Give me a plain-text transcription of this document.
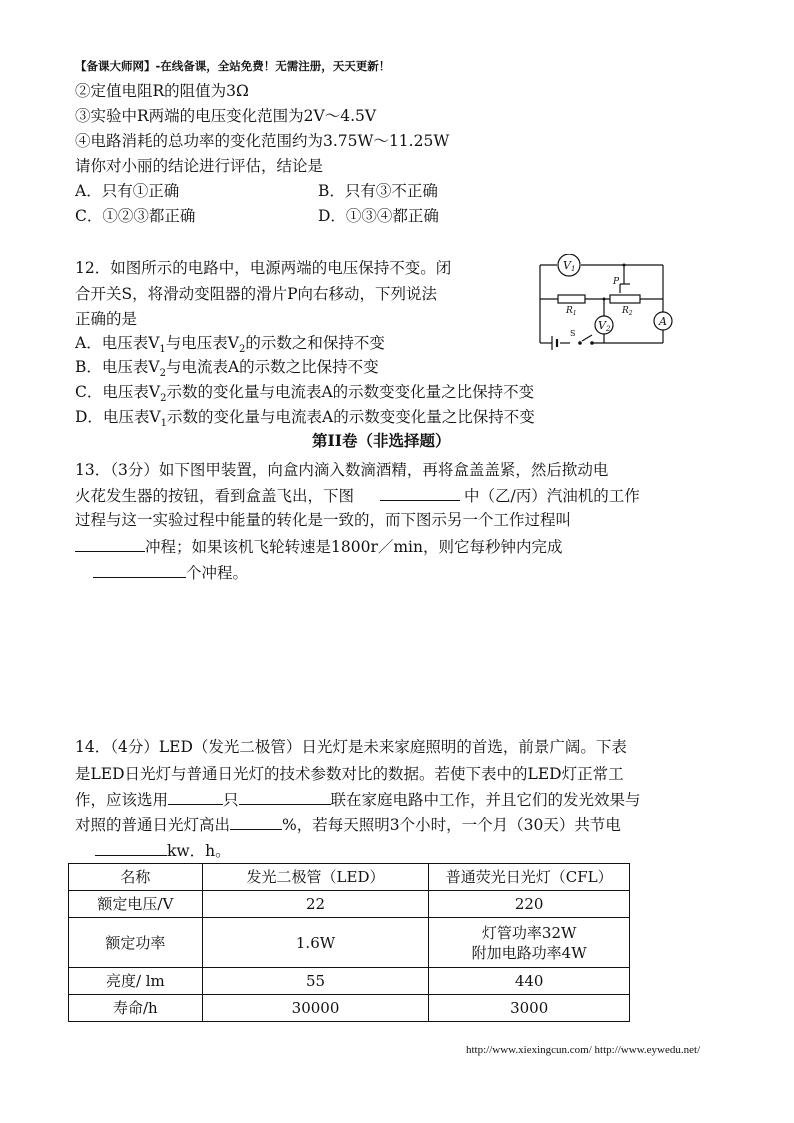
【备课大师网】-在线备课，全站免费！无需注册，天天更新！
②定值电阻R的阻值为3Ω
③实验中R两端的电压变化范围为2V～4.5V
④电路消耗的总功率的变化范围约为3.75W～11.25W
请你对小丽的结论进行评估，结论是
A．只有①正确	B．只有③不正确
C．①②③都正确	D．①③④都正确
12．如图所示的电路中，电源两端的电压保持不变。闭
合开关S，将滑动变阻器的滑片P向右移动，下列说法
正确的是
A．电压表$V_1$与电压表$V_2$的示数之和保持不变
B．电压表$V_2$与电流表A的示数之比保持不变
C．电压表$V_2$示数的变化量与电流表A的示数变变化量之比保持不变
D．电压表$V_1$示数的变化量与电流表A的示数变变化量之比保持不变
V1
V2
A
P
$R_1$	$R_2$
S
第II卷（非选择题）
13．（3分）如下图甲装置，向盒内滴入数滴酒精，再将盒盖盖紧，然后揿动电
火花发生器的按钮，看到盒盖飞出，下图	中（乙/丙）汽油机的工作
过程与这一实验过程中能量的转化是一致的，而下图示另一个工作过程叫
冲程；如果该机飞轮转速是1800r／min，则它每秒钟内完成
个冲程。
14．（4分）LED（发光二极管）日光灯是未来家庭照明的首选，前景广阔。下表
是LED日光灯与普通日光灯的技术参数对比的数据。若使下表中的LED灯正常工
作，应该选用	只	联在家庭电路中工作，并且它们的发光效果与
对照的普通日光灯高出	%，若每天照明3个小时，一个月（30天）共节电
kw．h。
名称	发光二极管（LED）	普通荧光日光灯（CFL）
额定电压/V	22	220
额定功率	1.6W	灯管功率32W
附加电路功率4W

亮度/ lm	55	440
寿命/h	30000	3000
http://www.xiexingcun.com/ http://www.eywedu.net/
